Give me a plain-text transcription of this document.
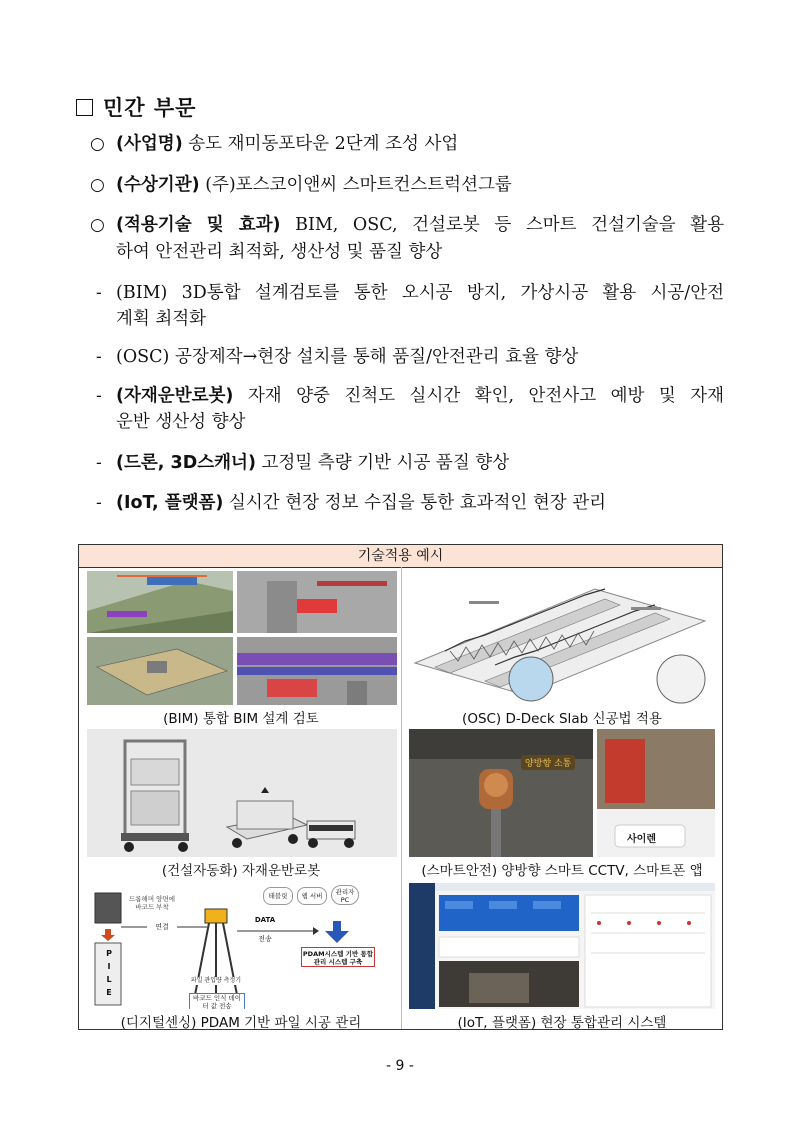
민간 부문
○ (사업명) 송도 재미동포타운 2단계 조성 사업
○ (수상기관) (주)포스코이앤씨 스마트컨스트럭션그룹
○ (적용기술 및 효과) BIM, OSC, 건설로봇 등 스마트 건설기술을 활용
하여 안전관리 최적화, 생산성 및 품질 향상
- (BIM) 3D통합 설계검토를 통한 오시공 방지, 가상시공 활용 시공/안전
계획 최적화
- (OSC) 공장제작→현장 설치를 통해 품질/안전관리 효율 향상
- (자재운반로봇) 자재 양중 진척도 실시간 확인, 안전사고 예방 및 자재
운반 생산성 향상
- (드론, 3D스캐너) 고정밀 측량 기반 시공 품질 향상
- (IoT, 플랫폼) 실시간 현장 정보 수집을 통한 효과적인 현장 관리
기술적용 예시
(BIM) 통합 BIM 설계 검토	(OSC) D-Deck Slab 신공법 적용
(건설자동화) 자재운반로봇
양방향 소통
사이렌
(스마트안전) 양방향 스마트 CCTV, 스마트폰 앱
드롭해머 양면에 바코드 부착
연결
파일 관입량 측정기
바코드 인식 데이터 값 전송
DATA
전송
태블릿	웹 서버	관리자 PC
PDAM시스템 기반 통합관리 시스템 구축
P
I
L
E
(디지털센싱) PDAM 기반 파일 시공 관리	(IoT, 플랫폼) 현장 통합관리 시스템
- 9 -
